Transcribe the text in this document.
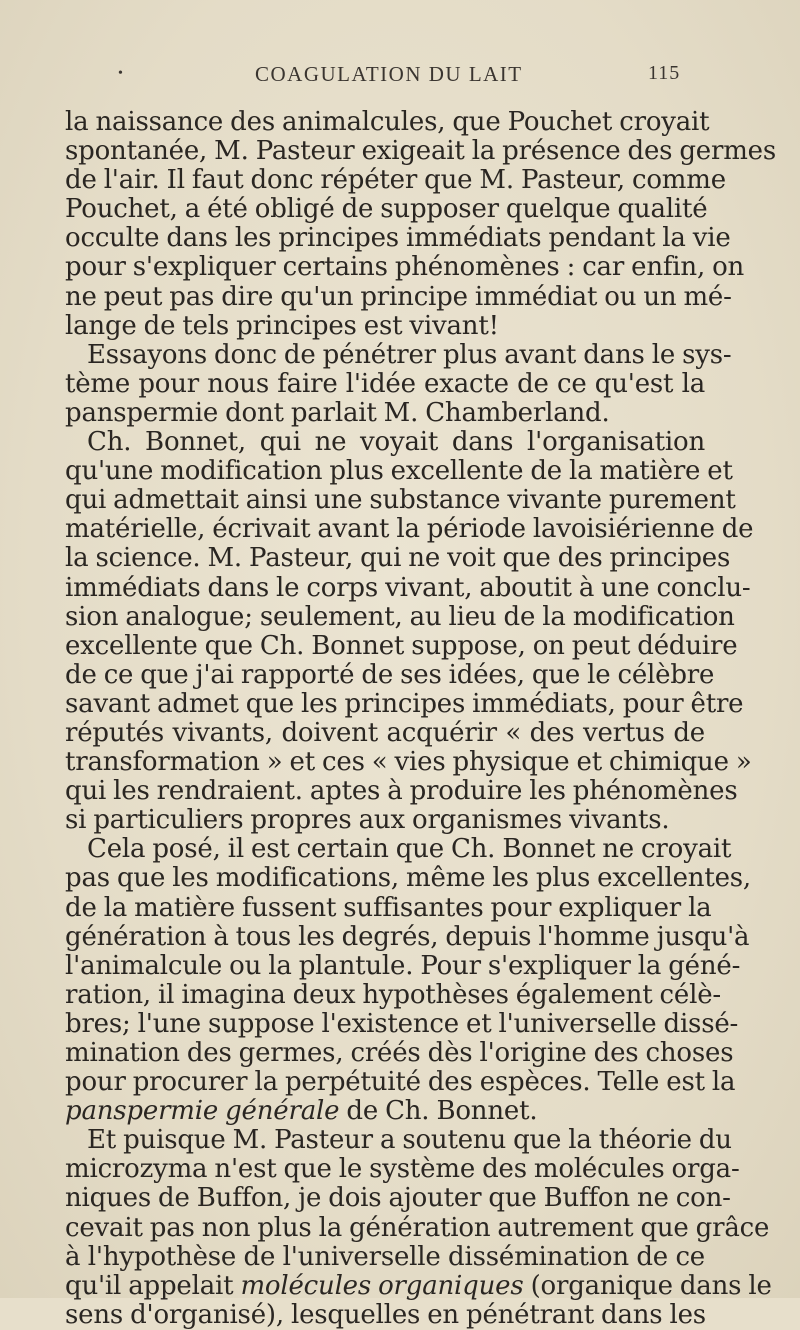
•	COAGULATION DU LAIT	115
la naissance des animalcules, que Pouchet croyait
spontanée, M. Pasteur exigeait la présence des germes
de l'air. Il faut donc répéter que M. Pasteur, comme
Pouchet, a été obligé de supposer quelque qualité
occulte dans les principes immédiats pendant la vie
pour s'expliquer certains phénomènes : car enfin, on
ne peut pas dire qu'un principe immédiat ou un mé-
lange de tels principes est vivant!
Essayons donc de pénétrer plus avant dans le sys-
tème pour nous faire l'idée exacte de ce qu'est la
panspermie dont parlait M. Chamberland.
Ch. Bonnet, qui ne voyait dans l'organisation
qu'une modification plus excellente de la matière et
qui admettait ainsi une substance vivante purement
matérielle, écrivait avant la période lavoisiérienne de
la science. M. Pasteur, qui ne voit que des principes
immédiats dans le corps vivant, aboutit à une conclu-
sion analogue; seulement, au lieu de la modification
excellente que Ch. Bonnet suppose, on peut déduire
de ce que j'ai rapporté de ses idées, que le célèbre
savant admet que les principes immédiats, pour être
réputés vivants, doivent acquérir « des vertus de
transformation » et ces « vies physique et chimique »
qui les rendraient. aptes à produire les phénomènes
si particuliers propres aux organismes vivants.
Cela posé, il est certain que Ch. Bonnet ne croyait
pas que les modifications, même les plus excellentes,
de la matière fussent suffisantes pour expliquer la
génération à tous les degrés, depuis l'homme jusqu'à
l'animalcule ou la plantule. Pour s'expliquer la géné-
ration, il imagina deux hypothèses également célè-
bres; l'une suppose l'existence et l'universelle dissé-
mination des germes, créés dès l'origine des choses
pour procurer la perpétuité des espèces. Telle est la
panspermie générale de Ch. Bonnet.
Et puisque M. Pasteur a soutenu que la théorie du
microzyma n'est que le système des molécules orga-
niques de Buffon, je dois ajouter que Buffon ne con-
cevait pas non plus la génération autrement que grâce
à l'hypothèse de l'universelle dissémination de ce
qu'il appelait molécules organiques (organique dans le
sens d'organisé), lesquelles en pénétrant dans les
